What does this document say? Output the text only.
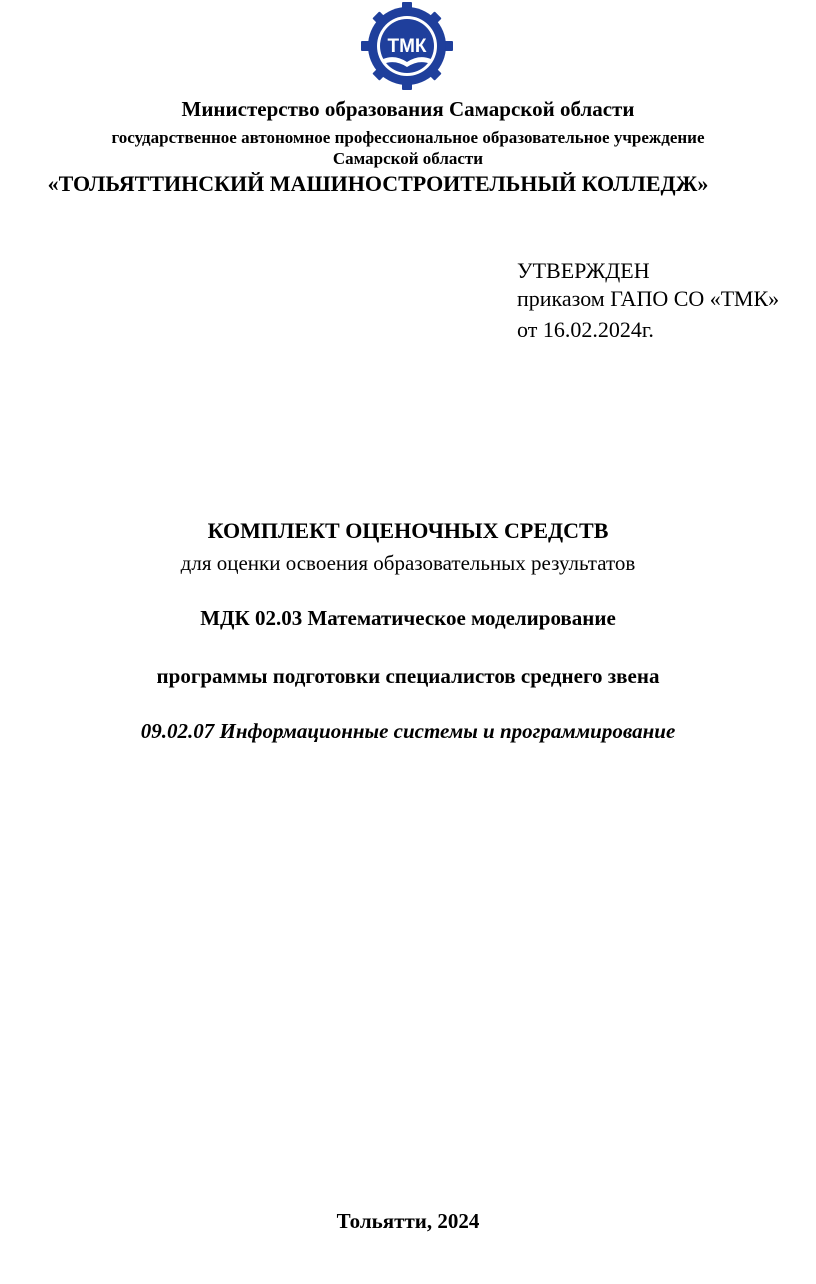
ТМК
Министерство образования Самарской области
государственное автономное профессиональное образовательное учреждение
Самарской области
«ТОЛЬЯТТИНСКИЙ МАШИНОСТРОИТЕЛЬНЫЙ КОЛЛЕДЖ»
УТВЕРЖДЕН
приказом ГАПО СО «ТМК»
от 16.02.2024г.
КОМПЛЕКТ ОЦЕНОЧНЫХ СРЕДСТВ
для оценки освоения образовательных результатов
МДК 02.03 Математическое моделирование
программы подготовки специалистов среднего звена
09.02.07 Информационные системы и программирование
Тольятти, 2024
